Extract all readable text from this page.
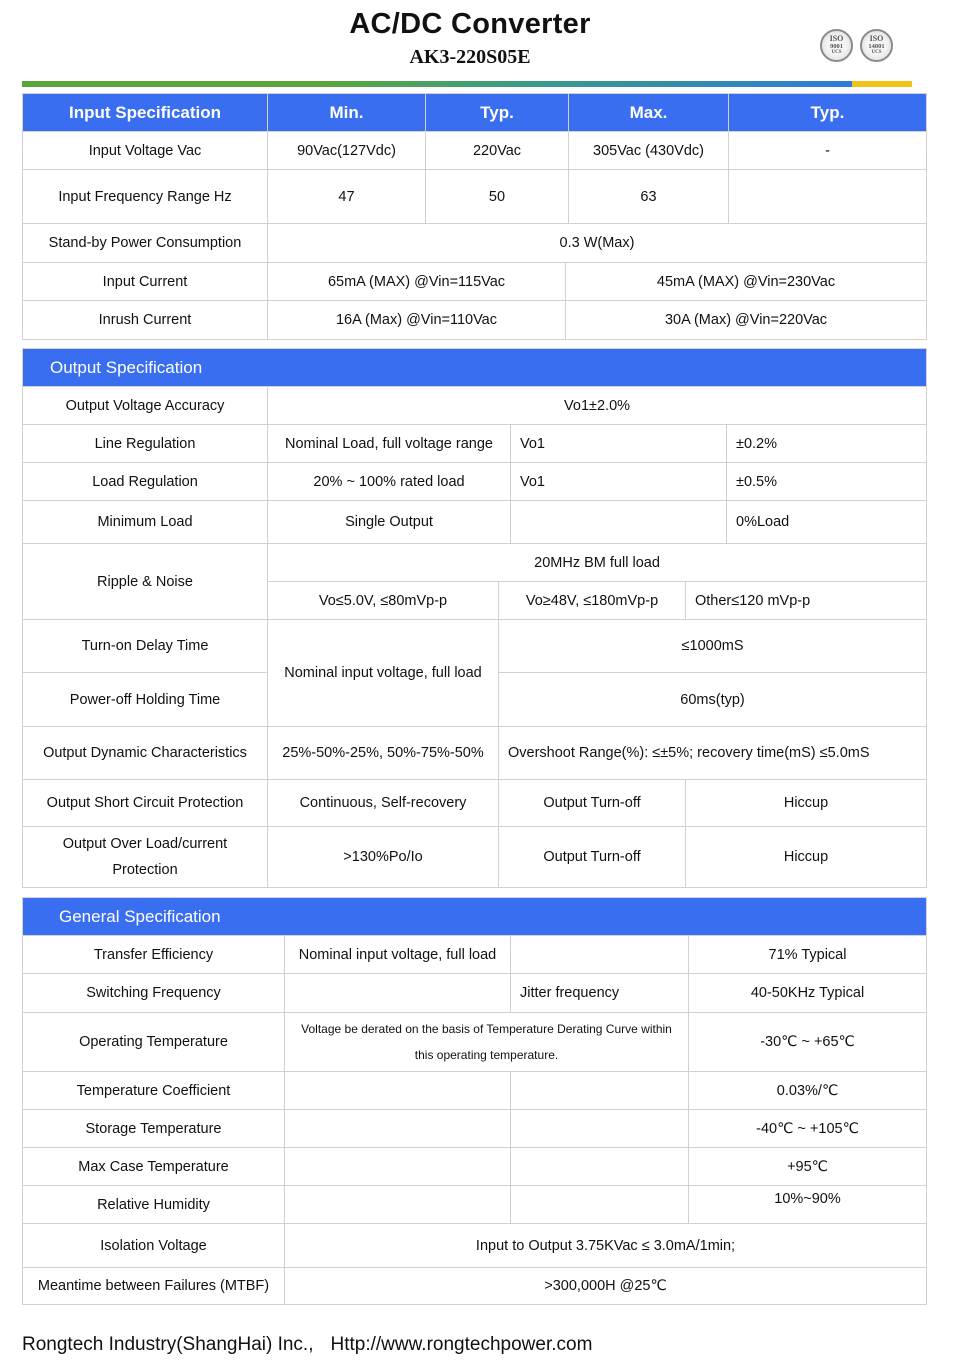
AC/DC Converter
AK3-220S05E
ISO
9001
UCS
ISO
14001
UCS
Input Specification	Min.	Typ.	Max.	Typ.
Input Voltage Vac	90Vac(127Vdc)	220Vac	305Vac (430Vdc)	-
Input Frequency Range Hz	47	50	63	
Stand-by Power Consumption	0.3 W(Max)			
Input Current	65mA (MAX) @Vin=115Vac	45mA (MAX) @Vin=230Vac
Inrush Current	16A (Max) @Vin=110Vac	30A (Max) @Vin=220Vac
Output Specification					
Output Voltage Accuracy	Vo1±2.0%				
Line Regulation	Nominal Load, full voltage range		Vo1		±0.2%
Load Regulation	20% ~ 100% rated load		Vo1		±0.5%
Minimum Load	Single Output				0%Load
Ripple & Noise	20MHz BM full load				
	Vo≤5.0V, ≤80mVp-p	Vo≥48V, ≤180mVp-p		Other≤120 mVp-p	
Turn-on Delay Time	Nominal input voltage, full load	≤1000mS			
Power-off Holding Time		60ms(typ)			
Output Dynamic Characteristics	25%-50%-25%, 50%-75%-50%	Overshoot Range(%): ≤±5%; recovery time(mS) ≤5.0mS			
Output Short Circuit Protection	Continuous, Self-recovery	Output Turn-off		Hiccup	
Output Over Load/current Protection	>130%Po/Io	Output Turn-off		Hiccup	
General Specification			
Transfer Efficiency	Nominal input voltage, full load		71% Typical
Switching Frequency		Jitter frequency	40-50KHz Typical
Operating Temperature	Voltage be derated on the basis of Temperature Derating Curve within this operating temperature.		-30℃ ~ +65℃
Temperature Coefficient			0.03%/℃
Storage Temperature			-40℃ ~ +105℃
Max Case Temperature			+95℃
Relative Humidity			10%~90%
Isolation Voltage	Input to Output 3.75KVac ≤ 3.0mA/1min;		
Meantime between Failures (MTBF)	>300,000H @25℃		
Rongtech Industry(ShangHai) Inc., Http://www.rongtechpower.com
